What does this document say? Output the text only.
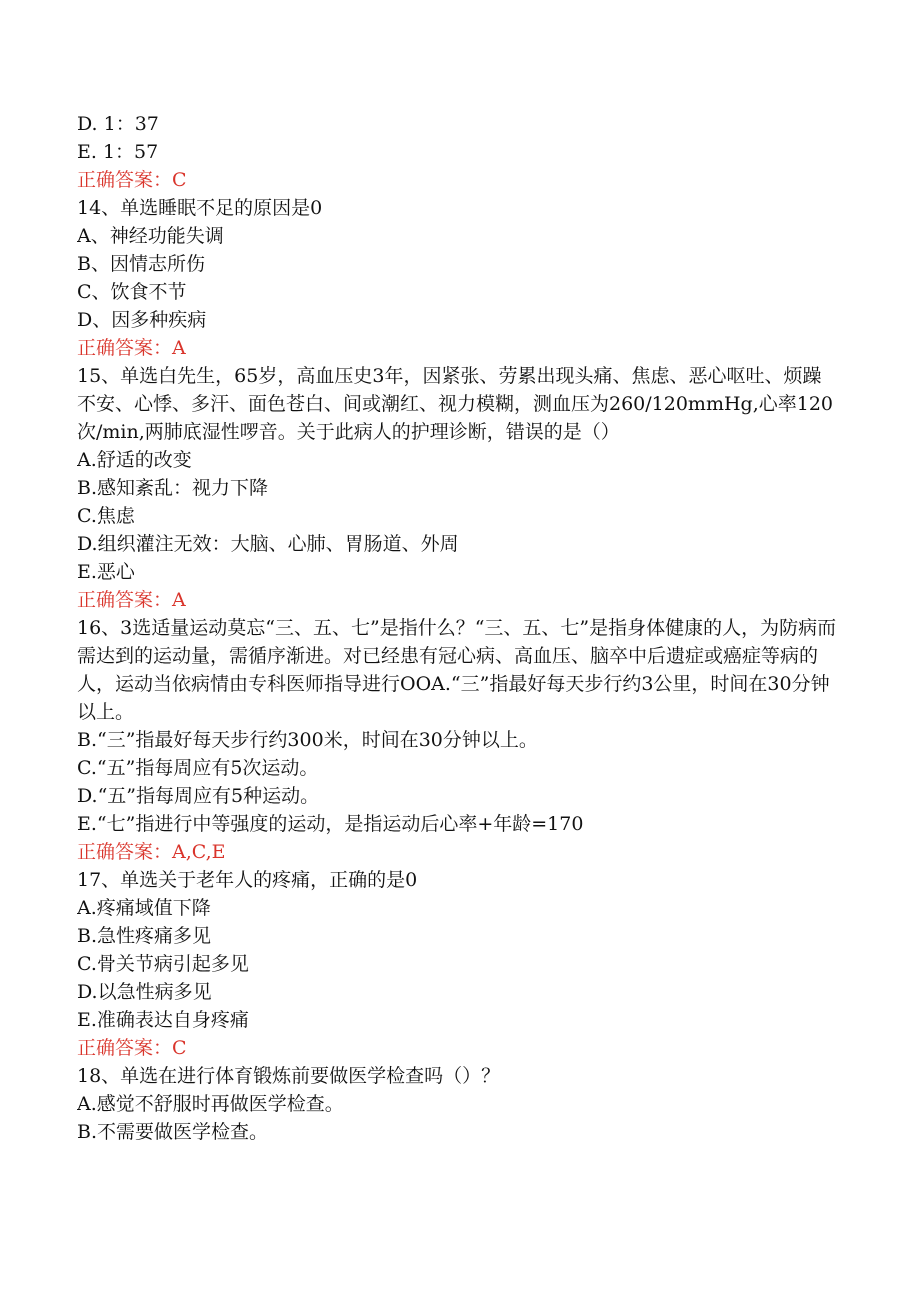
D. 1：37
E. 1：57
正确答案：C
14、单选睡眠不足的原因是0
A、神经功能失调
B、因情志所伤
C、饮食不节
D、因多种疾病
正确答案：A
15、单选白先生，65岁，高血压史3年，因紧张、劳累出现头痛、焦虑、恶心呕吐、烦躁不安、心悸、多汗、面色苍白、间或潮红、视力模糊，测血压为260/120mmHg,心率120次/min,两肺底湿性啰音。关于此病人的护理诊断，错误的是（）
A.舒适的改变
B.感知紊乱：视力下降
C.焦虑
D.组织灌注无效：大脑、心肺、胃肠道、外周
E.恶心
正确答案：A
16、3选适量运动莫忘“三、五、七”是指什么？“三、五、七”是指身体健康的人，为防病而需达到的运动量，需循序渐进。对已经患有冠心病、高血压、脑卒中后遗症或癌症等病的人，运动当依病情由专科医师指导进行OOA.“三”指最好每天步行约3公里，时间在30分钟以上。
B.“三”指最好每天步行约300米，时间在30分钟以上。
C.“五”指每周应有5次运动。
D.“五”指每周应有5种运动。
E.“七”指进行中等强度的运动，是指运动后心率+年龄=170
正确答案：A,C,E
17、单选关于老年人的疼痛，正确的是0
A.疼痛域值下降
B.急性疼痛多见
C.骨关节病引起多见
D.以急性病多见
E.准确表达自身疼痛
正确答案：C
18、单选在进行体育锻炼前要做医学检查吗（）？
A.感觉不舒服时再做医学检查。
B.不需要做医学检查。
